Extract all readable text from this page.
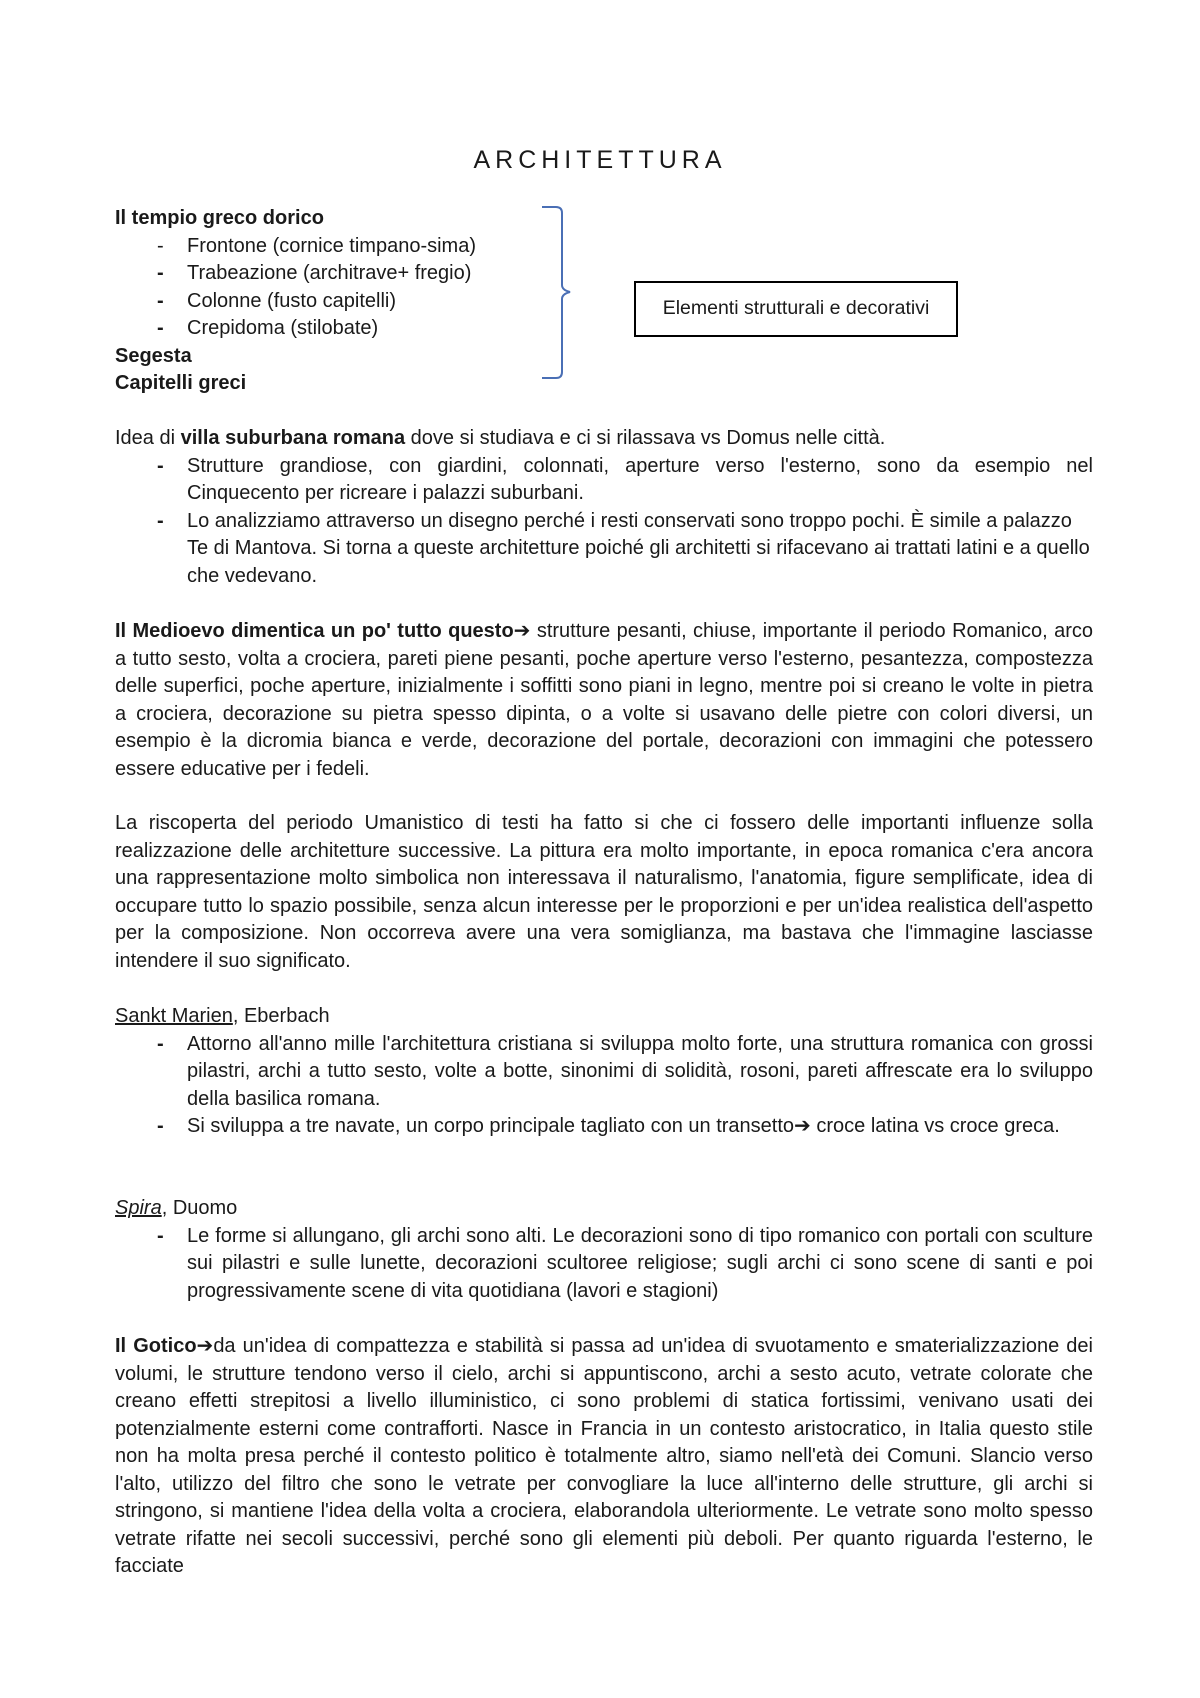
ARCHITETTURA
Il tempio greco dorico
- Frontone (cornice timpano-sima)
- Trabeazione (architrave+ fregio)
- Colonne (fusto capitelli)
- Crepidoma (stilobate)
Segesta
Capitelli greci
Elementi strutturali e decorativi
Idea di villa suburbana romana dove si studiava e ci si rilassava vs Domus nelle città.
- Strutture grandiose, con giardini, colonnati, aperture verso l'esterno, sono da esempio nel Cinquecento per ricreare i palazzi suburbani.
- Lo analizziamo attraverso un disegno perché i resti conservati sono troppo pochi. È simile a palazzo Te di Mantova. Si torna a queste architetture poiché gli architetti si rifacevano ai trattati latini e a quello che vedevano.

Il Medioevo dimentica un po' tutto questo➔ strutture pesanti, chiuse, importante il periodo Romanico, arco a tutto sesto, volta a crociera, pareti piene pesanti, poche aperture verso l'esterno, pesantezza, compostezza delle superfici, poche aperture, inizialmente i soffitti sono piani in legno, mentre poi si creano le volte in pietra a crociera, decorazione su pietra spesso dipinta, o a volte si usavano delle pietre con colori diversi, un esempio è la dicromia bianca e verde, decorazione del portale, decorazioni con immagini che potessero essere educative per i fedeli.

La riscoperta del periodo Umanistico di testi ha fatto si che ci fossero delle importanti influenze solla realizzazione delle architetture successive. La pittura era molto importante, in epoca romanica c'era ancora una rappresentazione molto simbolica non interessava il naturalismo, l'anatomia, figure semplificate, idea di occupare tutto lo spazio possibile, senza alcun interesse per le proporzioni e per un'idea realistica dell'aspetto per la composizione. Non occorreva avere una vera somiglianza, ma bastava che l'immagine lasciasse intendere il suo significato.

Sankt Marien, Eberbach
- Attorno all'anno mille l'architettura cristiana si sviluppa molto forte, una struttura romanica con grossi pilastri, archi a tutto sesto, volte a botte, sinonimi di solidità, rosoni, pareti affrescate era lo sviluppo della basilica romana.
- Si sviluppa a tre navate, un corpo principale tagliato con un transetto➔ croce latina vs croce greca.
Spira, Duomo
- Le forme si allungano, gli archi sono alti. Le decorazioni sono di tipo romanico con portali con sculture sui pilastri e sulle lunette, decorazioni scultoree religiose; sugli archi ci sono scene di santi e poi progressivamente scene di vita quotidiana (lavori e stagioni)

Il Gotico➔da un'idea di compattezza e stabilità si passa ad un'idea di svuotamento e smaterializzazione dei volumi, le strutture tendono verso il cielo, archi si appuntiscono, archi a sesto acuto, vetrate colorate che creano effetti strepitosi a livello illuministico, ci sono problemi di statica fortissimi, venivano usati dei potenzialmente esterni come contrafforti. Nasce in Francia in un contesto aristocratico, in Italia questo stile non ha molta presa perché il contesto politico è totalmente altro, siamo nell'età dei Comuni. Slancio verso l'alto, utilizzo del filtro che sono le vetrate per convogliare la luce all'interno delle strutture, gli archi si stringono, si mantiene l'idea della volta a crociera, elaborandola ulteriormente. Le vetrate sono molto spesso vetrate rifatte nei secoli successivi, perché sono gli elementi più deboli. Per quanto riguarda l'esterno, le facciate
